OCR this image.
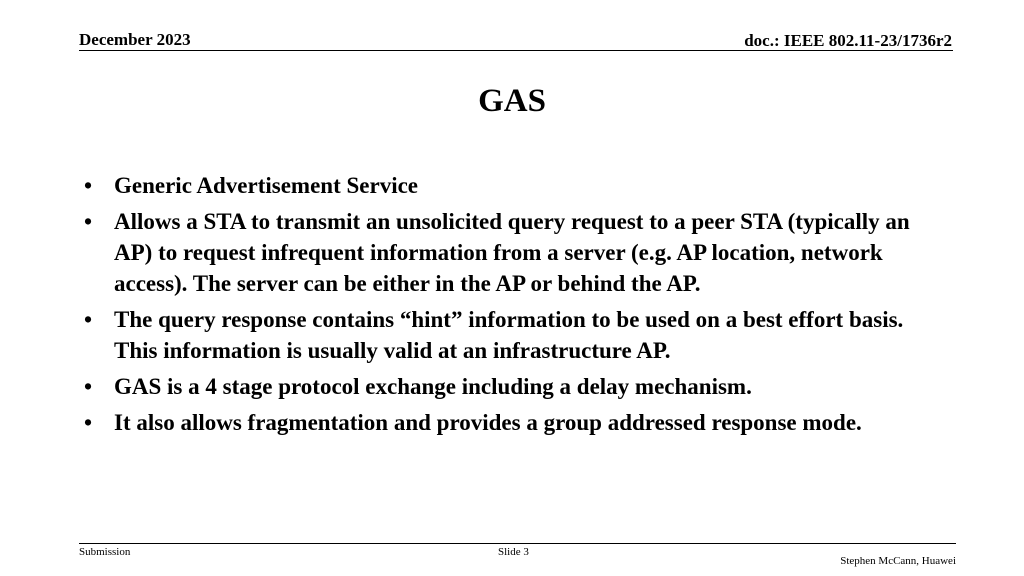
December 2023	doc.: IEEE 802.11-23/1736r2
GAS
• Generic Advertisement Service
• Allows a STA to transmit an unsolicited query request to a peer STA (typically an AP) to request infrequent information from a server (e.g. AP location, network access). The server can be either in the AP or behind the AP.
• The query response contains “hint” information to be used on a best effort basis. This information is usually valid at an infrastructure AP.
• GAS is a 4 stage protocol exchange including a delay mechanism.
• It also allows fragmentation and provides a group addressed response mode.
Submission	Slide 3
Stephen McCann, Huawei
